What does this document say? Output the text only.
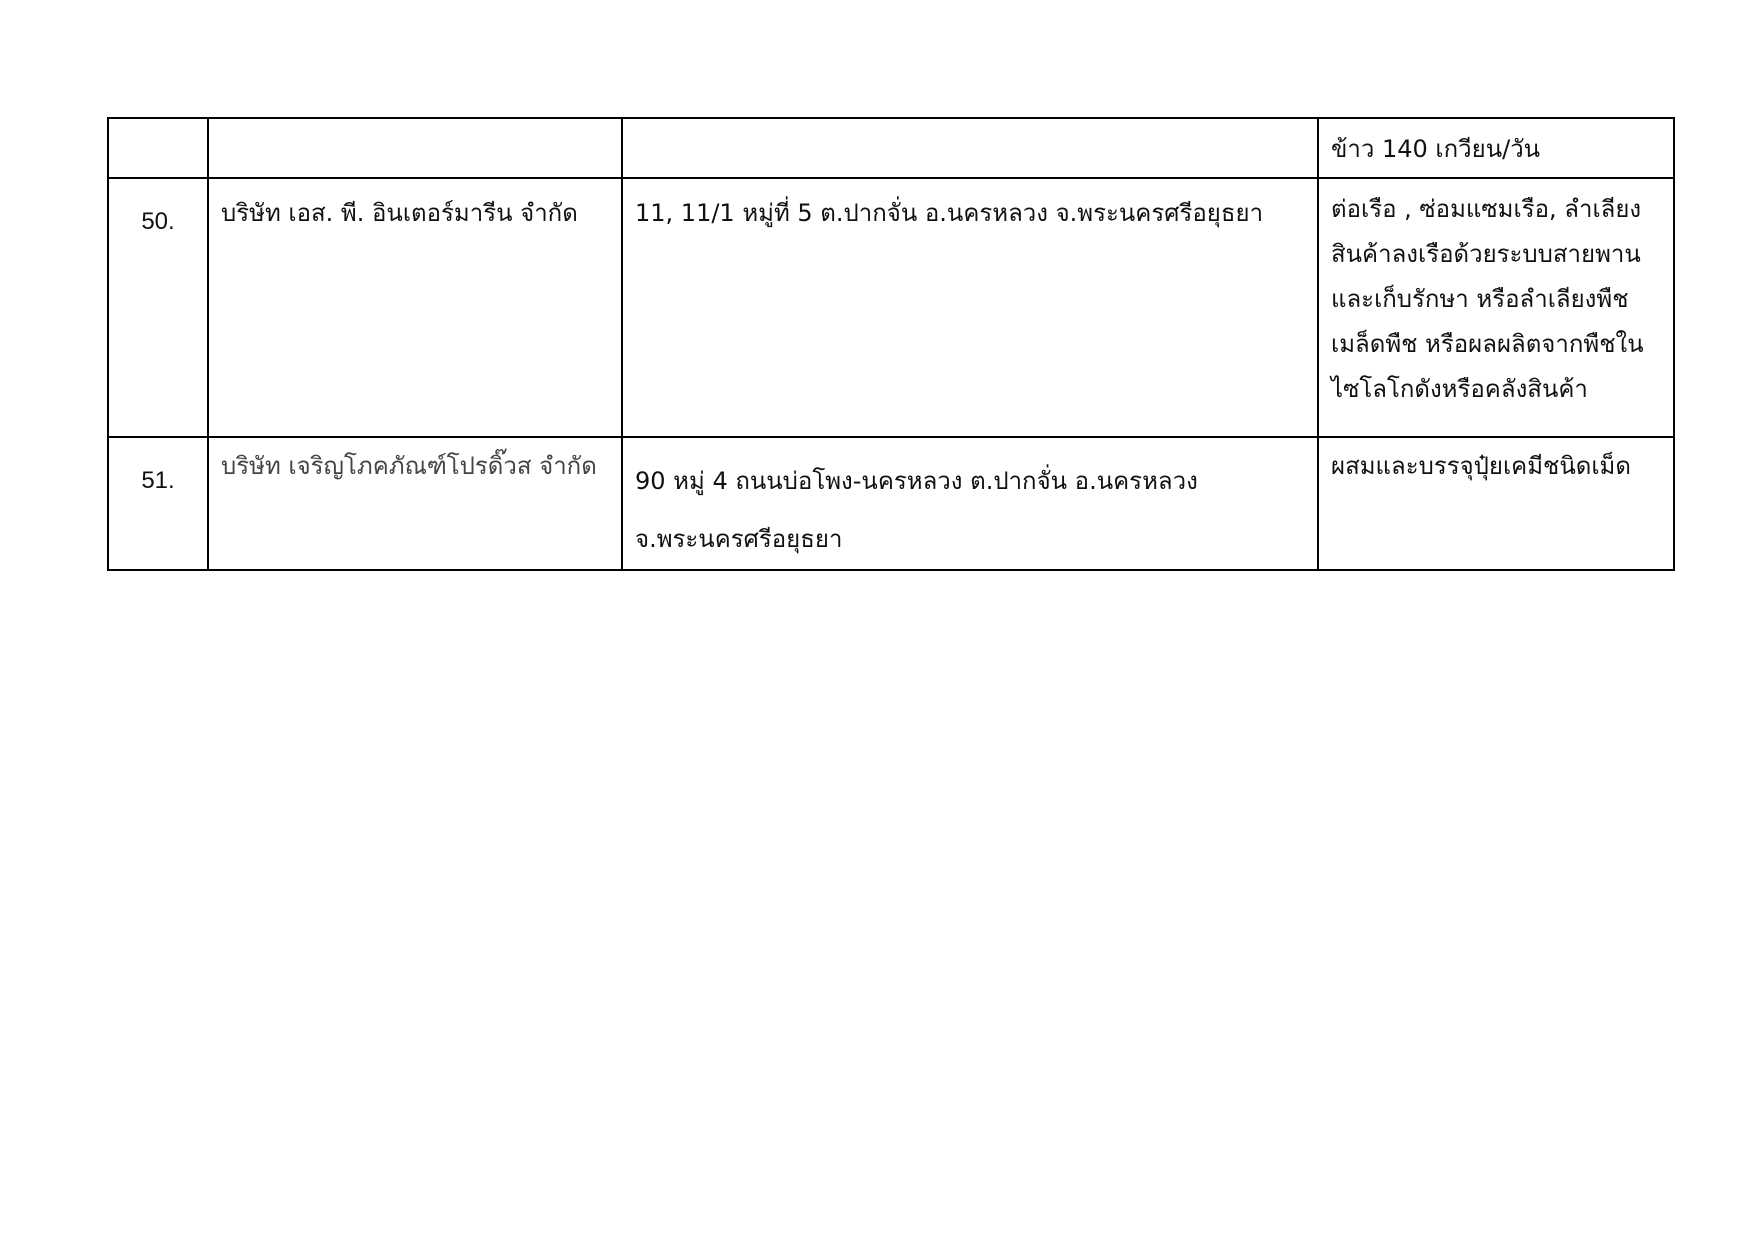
			ข้าว 140 เกวียน/วัน

50.	บริษัท เอส. พี. อินเตอร์มารีน จำกัด	11, 11/1 หมู่ที่ 5 ต.ปากจั่น อ.นครหลวง จ.พระนครศรีอยุธยา	ต่อเรือ , ซ่อมแซมเรือ, ลำเลียง
สินค้าลงเรือด้วยระบบสายพาน
และเก็บรักษา หรือลำเลียงพืช
เมล็ดพืช หรือผลผลิตจากพืชใน
ไซโลโกดังหรือคลังสินค้า

51.	บริษัท เจริญโภคภัณฑ์โปรดิ๊วส จำกัด	90 หมู่ 4 ถนนบ่อโพง-นครหลวง ต.ปากจั่น อ.นครหลวง
จ.พระนครศรีอยุธยา	ผสมและบรรจุปุ๋ยเคมีชนิดเม็ด
